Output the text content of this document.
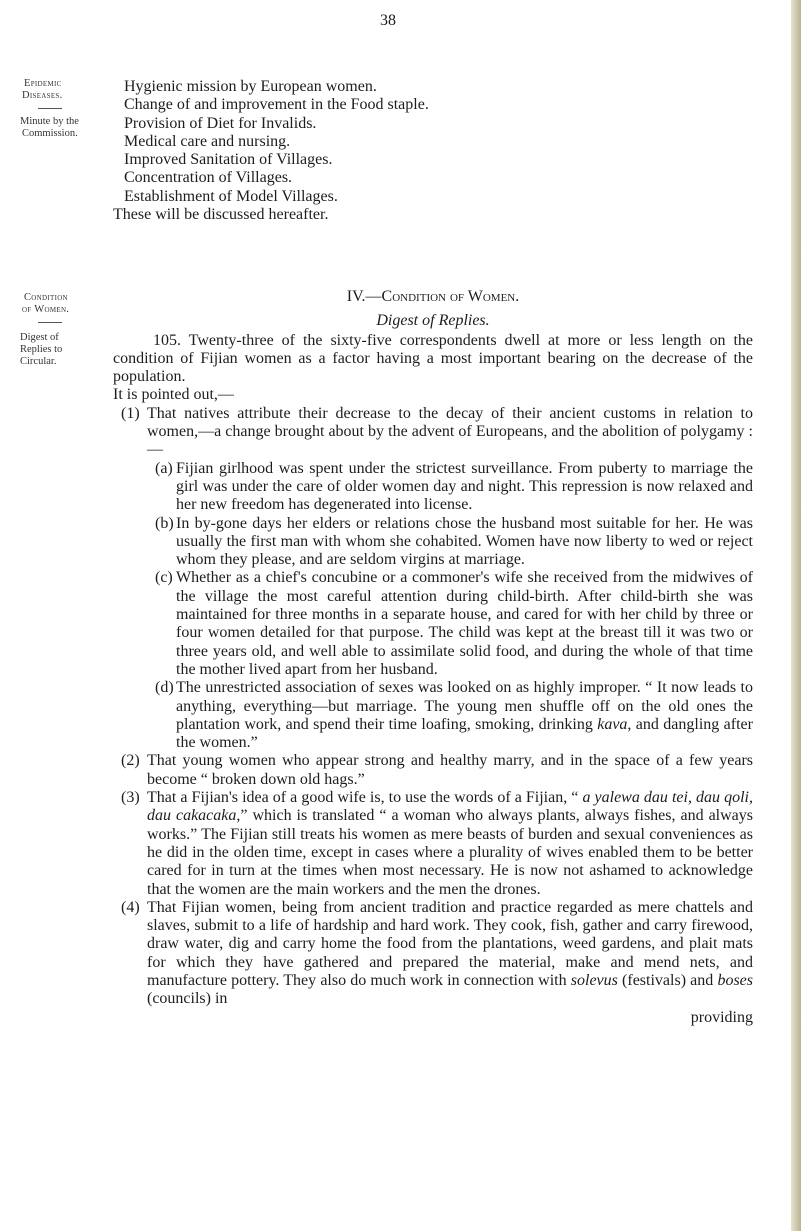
38
Epidemic
Diseases.
Minute by the
Commission.
Condition
of Women.
Digest of
Replies to
Circular.
Hygienic mission by European women.
Change of and improvement in the Food staple.
Provision of Diet for Invalids.
Medical care and nursing.
Improved Sanitation of Villages.
Concentration of Villages.
Establishment of Model Villages.
These will be discussed hereafter.
IV.—Condition of Women.
Digest of Replies.
105. Twenty-three of the sixty-five correspondents dwell at more or less length on the condition of Fijian women as a factor having a most important bearing on the decrease of the population.
It is pointed out,—
(1) That natives attribute their decrease to the decay of their ancient customs in relation to women,—a change brought about by the advent of Europeans, and the abolition of polygamy :—
(a) Fijian girlhood was spent under the strictest surveillance. From puberty to marriage the girl was under the care of older women day and night. This repression is now relaxed and her new freedom has degenerated into license.
(b) In by-gone days her elders or relations chose the husband most suitable for her. He was usually the first man with whom she cohabited. Women have now liberty to wed or reject whom they please, and are seldom virgins at marriage.
(c) Whether as a chief's concubine or a commoner's wife she received from the midwives of the village the most careful attention during child-birth. After child-birth she was maintained for three months in a separate house, and cared for with her child by three or four women detailed for that purpose. The child was kept at the breast till it was two or three years old, and well able to assimilate solid food, and during the whole of that time the mother lived apart from her husband.
(d) The unrestricted association of sexes was looked on as highly improper. “ It now leads to anything, everything—but marriage. The young men shuffle off on the old ones the plantation work, and spend their time loafing, smoking, drinking kava, and dangling after the women.”
(2) That young women who appear strong and healthy marry, and in the space of a few years become “ broken down old hags.”
(3) That a Fijian's idea of a good wife is, to use the words of a Fijian, “ a yalewa dau tei, dau qoli, dau cakacaka,” which is translated “ a woman who always plants, always fishes, and always works.” The Fijian still treats his women as mere beasts of burden and sexual conveniences as he did in the olden time, except in cases where a plurality of wives enabled them to be better cared for in turn at the times when most necessary. He is now not ashamed to acknowledge that the women are the main workers and the men the drones.
(4) That Fijian women, being from ancient tradition and practice regarded as mere chattels and slaves, submit to a life of hardship and hard work. They cook, fish, gather and carry firewood, draw water, dig and carry home the food from the plantations, weed gardens, and plait mats for which they have gathered and prepared the material, make and mend nets, and manufacture pottery. They also do much work in connection with solevus (festivals) and boses (councils) in
providing
